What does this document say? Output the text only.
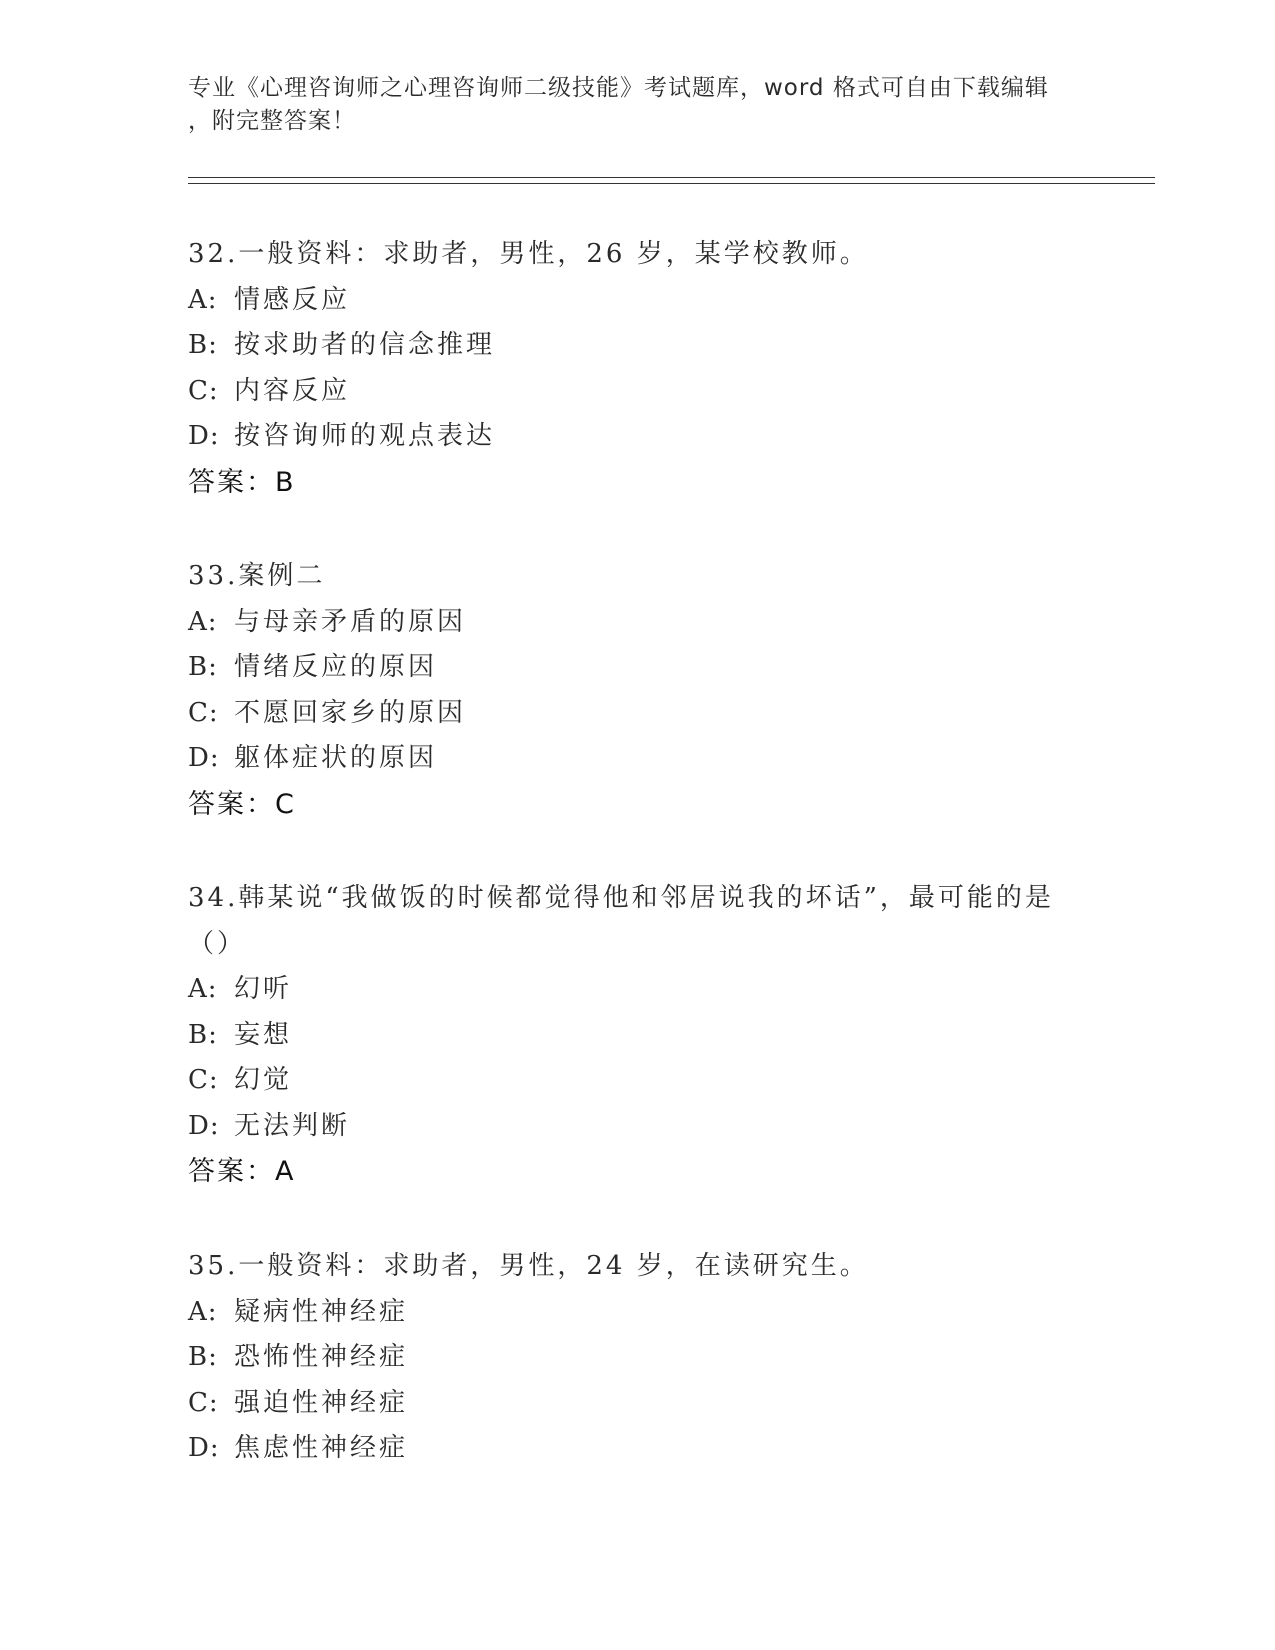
专业《心理咨询师之心理咨询师二级技能》考试题库，word 格式可自由下载编辑
，附完整答案！
32.一般资料：求助者，男性，26 岁，某学校教师。
A: 情感反应
B: 按求助者的信念推理
C: 内容反应
D: 按咨询师的观点表达
答案：B
33.案例二
A: 与母亲矛盾的原因
B: 情绪反应的原因
C: 不愿回家乡的原因
D: 躯体症状的原因
答案：C
34.韩某说“我做饭的时候都觉得他和邻居说我的坏话”，最可能的是
（）
A: 幻听
B: 妄想
C: 幻觉
D: 无法判断
答案：A
35.一般资料：求助者，男性，24 岁，在读研究生。
A: 疑病性神经症
B: 恐怖性神经症
C: 强迫性神经症
D: 焦虑性神经症
